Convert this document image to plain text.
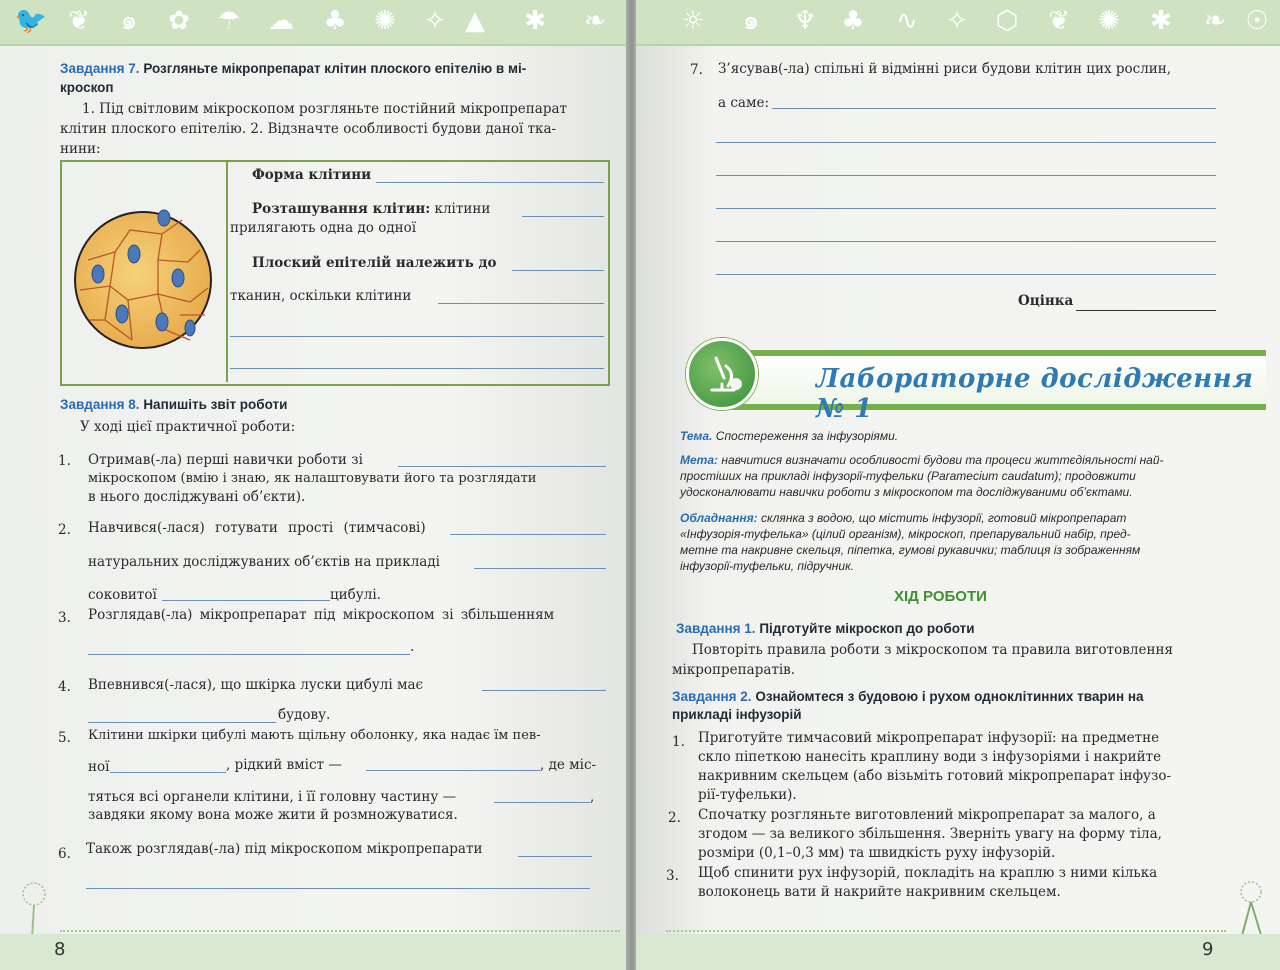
🐦 ❦	๑	✿ ☂ ☁ ♣ ✺ ✧ ▲ ✱ ❧
Завдання 7. Розгляньте мікропрепарат клітин плоского епітелію в мі-
кроскоп
1. Під світловим мікроскопом розгляньте постійний мікропрепарат
клітин плоского епітелію. 2. Відзначте особливості будови даної тка-
нини:
Форма клітини
Розташування клітин: клітини
прилягають одна до одної
Плоский епітелій належить до
тканин, оскільки клітини
Завдання 8. Напишіть звіт роботи
У ході цієї практичної роботи:
1. Отримав(-ла) перші навички роботи зі
мікроскопом (вмію і знаю, як налаштовувати його та розглядати
в нього досліджувані об’єкти).
2. Навчився(-лася) готувати прості (тимчасові)
натуральних досліджуваних об’єктів на прикладі
соковитої	цибулі.
3. Розглядав(-ла) мікропрепарат під мікроскопом зі збільшенням
.
4. Впевнився(-лася), що шкірка луски цибулі має
будову.
5. Клітини шкірки цибулі мають щільну оболонку, яка надає їм пев-
ної	, рідкий вміст —	, де міс-
тяться всі органели клітини, і її головну частину —	,
завдяки якому вона може жити й розмножуватися.
6. Також розглядав(-ла) під мікроскопом мікропрепарати
8
☼	๑	♆ ♣ ∿ ✧ ⬡ ❦ ✺ ✱ ❧ ☉
7. З’ясував(-ла) спільні й відмінні риси будови клітин цих рослин,
а саме:
Оцінка
Лабораторне дослідження № 1
Тема. Спостереження за інфузоріями.
Мета: навчитися визначати особливості будови та процеси життєдіяльності най-
простіших на прикладі інфузорії-туфельки (Paramecium caudatum); продовжити
удосконалювати навички роботи з мікроскопом та досліджуваними об’єктами.
Обладнання: склянка з водою, що містить інфузорії, готовий мікропрепарат
«Інфузорія-туфелька» (цілий організм), мікроскоп, препарувальний набір, пред-
метне та накривне скельця, піпетка, гумові рукавички; таблиця із зображенням
інфузорії-туфельки, підручник.
ХІД РОБОТИ
Завдання 1. Підготуйте мікроскоп до роботи
Повторіть правила роботи з мікроскопом та правила виготовлення
мікропрепаратів.
Завдання 2. Ознайомтеся з будовою і рухом одноклітинних тварин на
прикладі інфузорій
1. Приготуйте тимчасовий мікропрепарат інфузорії: на предметне
скло піпеткою нанесіть краплину води з інфузоріями і накрийте
накривним скельцем (або візьміть готовий мікропрепарат інфузо-
рії-туфельки).
2. Спочатку розгляньте виготовлений мікропрепарат за малого, а
згодом — за великого збільшення. Зверніть увагу на форму тіла,
розміри (0,1–0,3 мм) та швидкість руху інфузорій.
3. Щоб спинити рух інфузорій, покладіть на краплю з ними кілька
волоконець вати й накрийте накривним скельцем.
9
